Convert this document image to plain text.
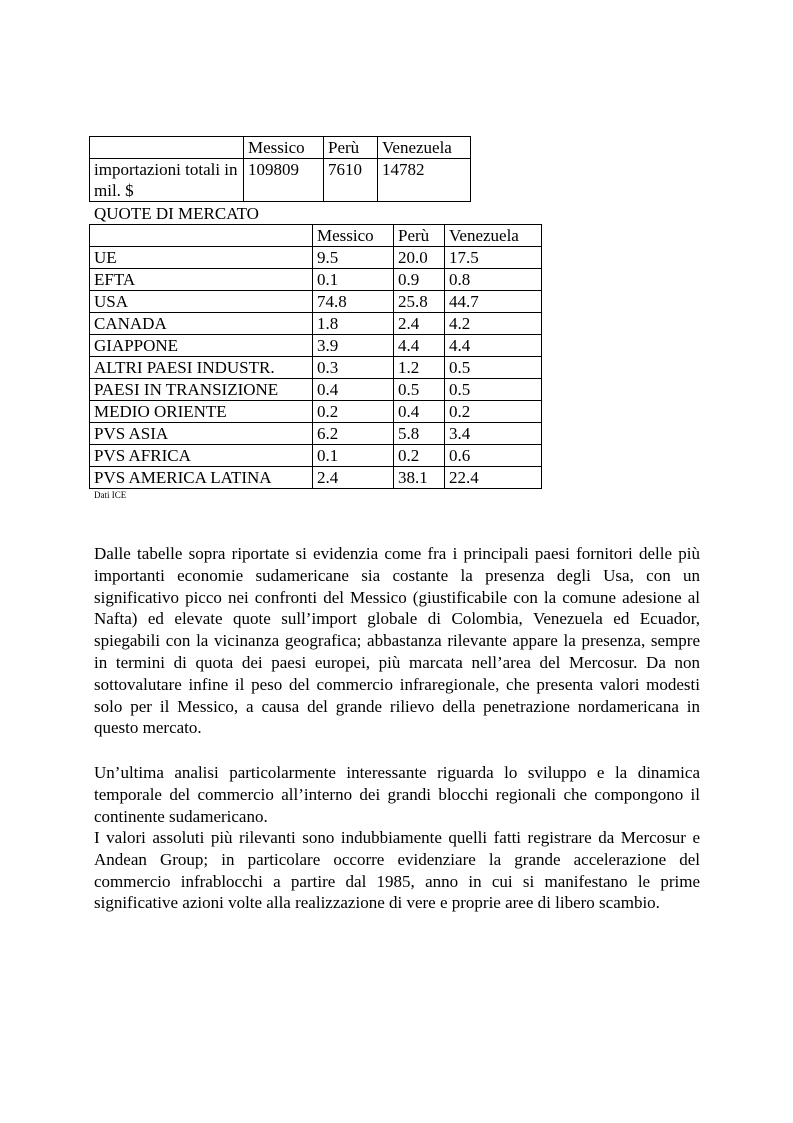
	Messico	Perù	Venezuela
importazioni totali in mil. $	109809	7610	14782
QUOTE DI MERCATO
	Messico	Perù	Venezuela
UE	9.5	20.0	17.5
EFTA	0.1	0.9	0.8
USA	74.8	25.8	44.7
CANADA	1.8	2.4	4.2
GIAPPONE	3.9	4.4	4.4
ALTRI PAESI INDUSTR.	0.3	1.2	0.5
PAESI IN TRANSIZIONE	0.4	0.5	0.5
MEDIO ORIENTE	0.2	0.4	0.2
PVS ASIA	6.2	5.8	3.4
PVS AFRICA	0.1	0.2	0.6
PVS AMERICA LATINA	2.4	38.1	22.4
Dati ICE

Dalle tabelle sopra riportate si evidenzia come fra i principali paesi fornitori delle più importanti economie sudamericane sia costante la presenza degli Usa, con un significativo picco nei confronti del Messico (giustificabile con la comune adesione al Nafta) ed elevate quote sull’import globale di Colombia, Venezuela ed Ecuador, spiegabili con la vicinanza geografica; abbastanza rilevante appare la presenza, sempre in termini di quota dei paesi europei, più marcata nell’area del Mercosur. Da non sottovalutare infine il peso del commercio infraregionale, che presenta valori modesti solo per il Messico, a causa del grande rilievo della penetrazione nordamericana in questo mercato.

Un’ultima analisi particolarmente interessante riguarda lo sviluppo e la dinamica temporale del commercio all’interno dei grandi blocchi regionali che compongono il continente sudamericano.

I valori assoluti più rilevanti sono indubbiamente quelli fatti registrare da Mercosur e Andean Group; in particolare occorre evidenziare la grande accelerazione del commercio infrablocchi a partire dal 1985, anno in cui si manifestano le prime significative azioni volte alla realizzazione di vere e proprie aree di libero scambio.
